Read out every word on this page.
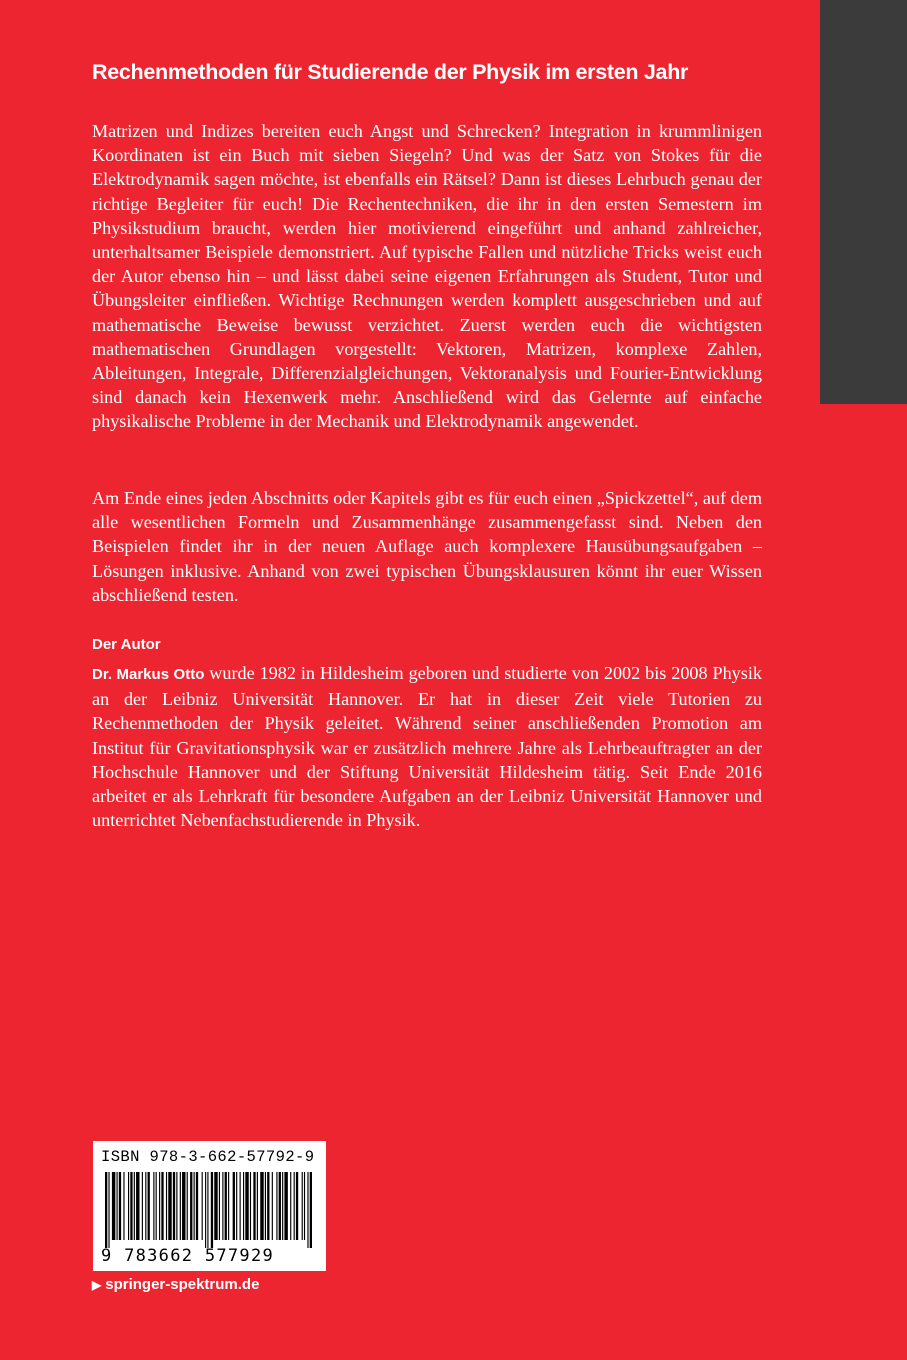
Rechenmethoden für Studierende der Physik im ersten Jahr

Matrizen und Indizes bereiten euch Angst und Schrecken? Integration in krummlinigen Koordinaten ist ein Buch mit sieben Siegeln? Und was der Satz von Stokes für die Elektrodynamik sagen möchte, ist ebenfalls ein Rätsel? Dann ist dieses Lehrbuch genau der richtige Begleiter für euch! Die Rechentechniken, die ihr in den ersten Semestern im Physikstudium braucht, werden hier motivierend eingeführt und anhand zahlreicher, unterhaltsamer Beispiele demonstriert. Auf typische Fallen und nützliche Tricks weist euch der Autor ebenso hin – und lässt dabei seine eigenen Erfahrungen als Student, Tutor und Übungsleiter einfließen. Wichtige Rechnungen werden komplett ausgeschrieben und auf mathematische Beweise bewusst verzichtet. Zuerst werden euch die wichtigsten mathematischen Grundlagen vorgestellt: Vektoren, Matrizen, komplexe Zahlen, Ableitungen, Integrale, Differenzialgleichungen, Vektoranalysis und Fourier-Entwicklung sind danach kein Hexenwerk mehr. Anschließend wird das Gelernte auf einfache physikalische Probleme in der Mechanik und Elektrodynamik angewendet.

Am Ende eines jeden Abschnitts oder Kapitels gibt es für euch einen „Spickzettel“, auf dem alle wesentlichen Formeln und Zusammenhänge zusammengefasst sind. Neben den Beispielen findet ihr in der neuen Auflage auch komplexere Hausübungsaufgaben – Lösungen inklusive. Anhand von zwei typischen Übungsklausuren könnt ihr euer Wissen abschließend testen.

Der Autor

Dr. Markus Otto wurde 1982 in Hildesheim geboren und studierte von 2002 bis 2008 Physik an der Leibniz Universität Hannover. Er hat in dieser Zeit viele Tutorien zu Rechenmethoden der Physik geleitet. Während seiner anschließenden Promotion am Institut für Gravitationsphysik war er zusätzlich mehrere Jahre als Lehrbeauftragter an der Hochschule Hannover und der Stiftung Universität Hildesheim tätig. Seit Ende 2016 arbeitet er als Lehrkraft für besondere Aufgaben an der Leibniz Universität Hannover und unterrichtet Nebenfachstudierende in Physik.

ISBN 978-3-662-57792-9
9 783662 577929
▶ springer-spektrum.de
